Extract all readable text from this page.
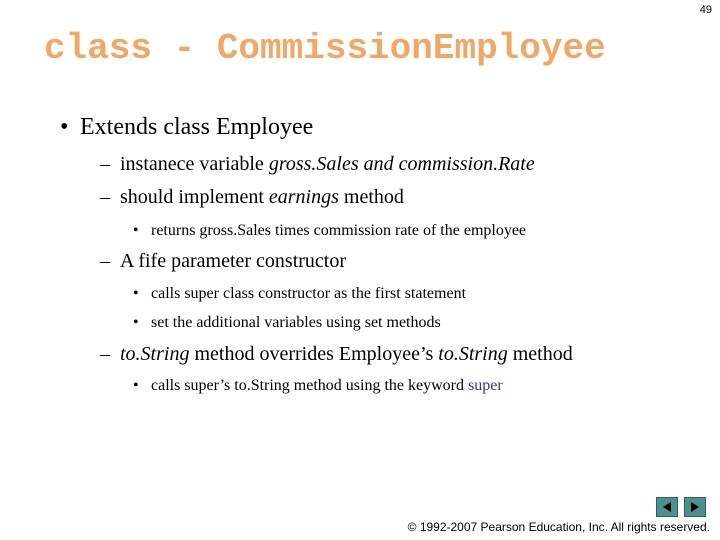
49
class - CommissionEmployee
• Extends class Employee
– instanece variable gross.Sales and commission.Rate
– should implement earnings method
• returns gross.Sales times commission rate of the employee
– A fife parameter constructor
• calls super class constructor as the first statement
• set the additional variables using set methods
– to.String method overrides Employee’s to.String method
• calls super’s to.String method using the keyword super
© 1992-2007 Pearson Education, Inc. All rights reserved.
